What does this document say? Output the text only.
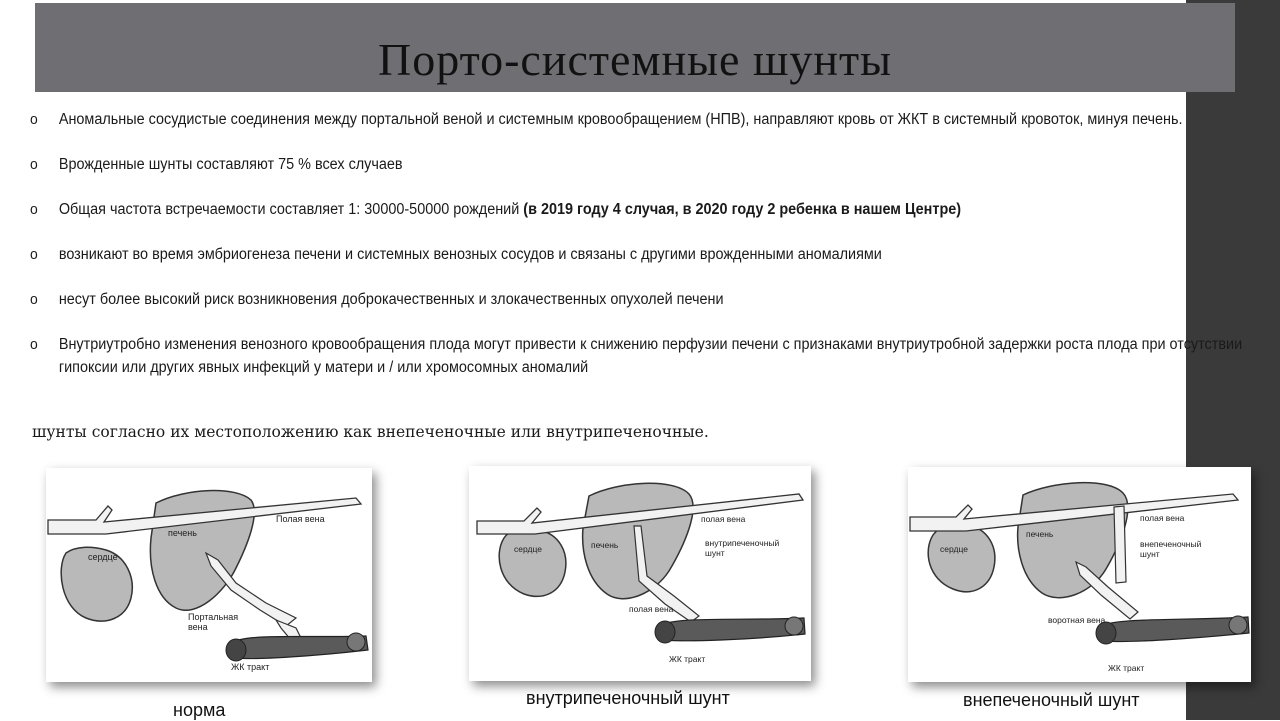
Порто-системные шунты
o Аномальные сосудистые соединения между портальной веной и системным кровообращением (НПВ), направляют кровь от ЖКТ в системный кровоток, минуя печень.
o Врожденные шунты составляют 75 % всех случаев
o Общая частота встречаемости составляет 1: 30000-50000 рождений (в 2019 году 4 случая, в 2020 году 2 ребенка в нашем Центре)
o возникают во время эмбриогенеза печени и системных венозных сосудов и связаны с другими врожденными аномалиями
o несут более высокий риск возникновения доброкачественных и злокачественных опухолей печени
o Внутриутробно изменения венозного кровообращения плода могут привести к снижению перфузии печени с признаками внутриутробной задержки роста плода при отсутствии гипоксии или других явных инфекций у матери и / или хромосомных аномалий
шунты согласно их местоположению как внепеченочные или внутрипеченочные.
сердце
печень
Полая вена
Портальная
вена
ЖК тракт
норма
сердце	печень
полая вена
внутрипеченочный
шунт
полая вена
ЖК тракт
внутрипеченочный шунт
сердце
печень
полая вена
внепеченочный
шунт
воротная вена
ЖК тракт
внепеченочный шунт
